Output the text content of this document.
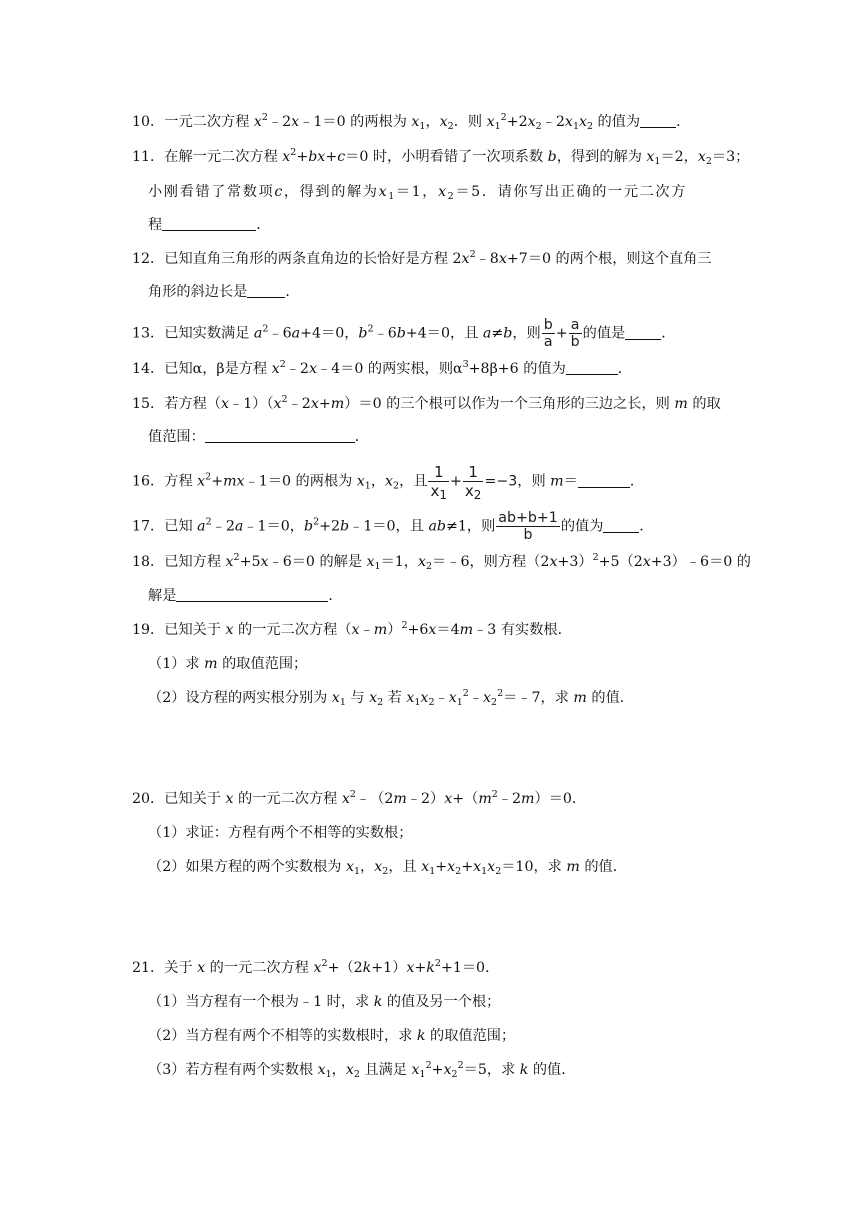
10．一元二次方程 $x^2﹣2x﹣1=0$ 的两根为 $x_1$，$x_2$．则 $x_1^2+2x_2﹣2x_1x_2$ 的值为	．
11．在解一元二次方程 $x^2+bx+c=0$ 时，小明看错了一次项系数 b，得到的解为 $x_1=2$，$x_2=3$；
小刚看错了常数项c，得到的解为$x_1=1$，$x_2=5$．请你写出正确的一元二次方
程	．
12．已知直角三角形的两条直角边的长恰好是方程 $2x^2﹣8x+7=0$ 的两个根，则这个直角三
角形的斜边长是	．
13．已知实数满足 $a^2﹣6a+4=0$，$b^2﹣6b+4=0$，且 a≠b，则 $\frac{b}{a} + \frac{a}{b}$ 的值是	．
14．已知α，β是方程 $x^2﹣2x﹣4=0$ 的两实根，则$\alpha^3+8\beta+6$ 的值为	．
15．若方程$(x﹣1)(x^2﹣2x+m)=0$ 的三个根可以作为一个三角形的三边之长，则 m 的取
值范围：	．
16．方程 $x^2+mx﹣1=0$ 的两根为 $x_1$，$x_2$，且 $\frac{1}{x_1} + \frac{1}{x_2} =-3$，则 m＝	．
17．已知 $a^2﹣2a﹣1=0$，$b^2+2b﹣1=0$，且 ab≠1，则 $\frac{ab+b+1}{b}$ 的值为	．
18．已知方程 $x^2+5x﹣6=0$ 的解是 $x_1=1$，$x_2=﹣6$，则方程$(2x+3)^2+5(2x+3)﹣6=0$ 的
解是	．
19．已知关于 x 的一元二次方程（x﹣m）$^2$+6x＝4m﹣3 有实数根．
（1）求 m 的取值范围；
（2）设方程的两实根分别为 $x_1$ 与 $x_2$ 若 $x_1x_2﹣x_1^2﹣x_2^2=﹣7$，求 m 的值．
20．已知关于 x 的一元二次方程 $x^2﹣(2m﹣2)x+(m^2﹣2m)=0$．
（1）求证：方程有两个不相等的实数根；
（2）如果方程的两个实数根为 $x_1$，$x_2$，且 $x_1+x_2+x_1x_2=10$，求 m 的值．
21．关于 x 的一元二次方程 $x^2+(2k+1)x+k^2+1=0$．
（1）当方程有一个根为﹣1 时，求 k 的值及另一个根；
（2）当方程有两个不相等的实数根时，求 k 的取值范围；
（3）若方程有两个实数根 $x_1$，$x_2$ 且满足 $x_1^2+x_2^2=5$，求 k 的值．
